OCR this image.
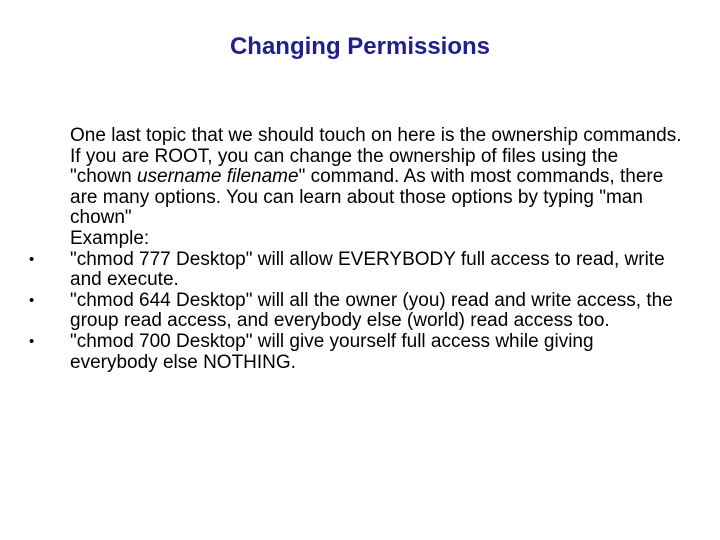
Changing Permissions

One last topic that we should touch on here is the ownership commands. If you are ROOT, you can change the ownership of files using the "chown username filename" command. As with most commands, there are many options. You can learn about those options by typing "man chown"

Example:

• "chmod 777 Desktop" will allow EVERYBODY full access to read, write and execute.
• "chmod 644 Desktop" will all the owner (you) read and write access, the group read access, and everybody else (world) read access too.
• "chmod 700 Desktop" will give yourself full access while giving everybody else NOTHING.
